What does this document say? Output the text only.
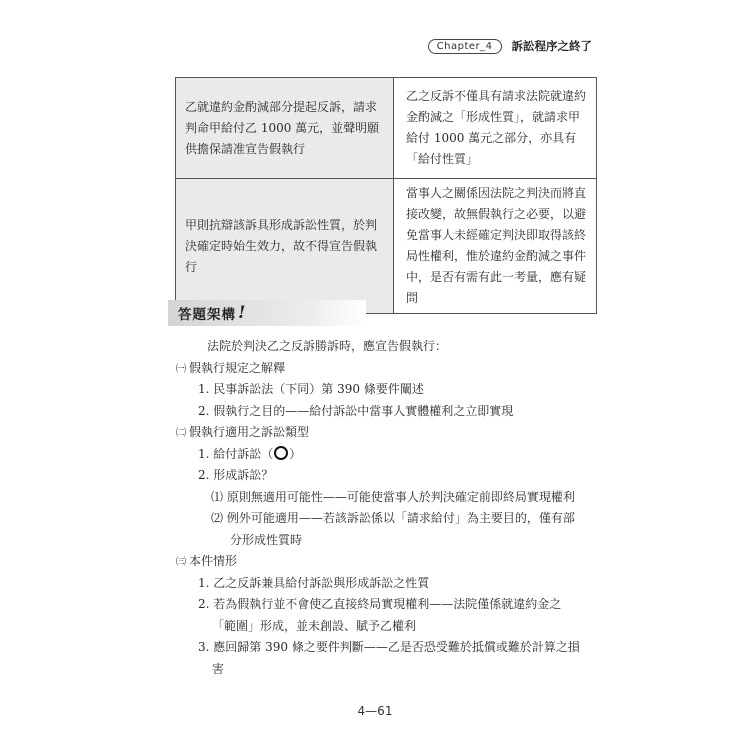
Chapter_4	訴訟程序之終了
乙就違約金酌減部分提起反訴，請求判命甲給付乙 1000 萬元，並聲明願供擔保請准宣告假執行	乙之反訴不僅具有請求法院就違約金酌減之「形成性質」，就請求甲給付 1000 萬元之部分，亦具有「給付性質」
甲則抗辯該訴具形成訴訟性質，於判決確定時始生效力，故不得宣告假執行	當事人之關係因法院之判決而將直接改變，故無假執行之必要，以避免當事人未經確定判決即取得該終局性權利，惟於違約金酌減之事件中，是否有需有此一考量，應有疑問
答題架構 !
法院於判決乙之反訴勝訴時，應宣告假執行：
㈠ 假執行規定之解釋
1. 民事訴訟法（下同）第 390 條要件闡述
2. 假執行之目的——給付訴訟中當事人實體權利之立即實現
㈡ 假執行適用之訴訟類型
1. 給付訴訟（ ）
2. 形成訴訟？
⑴ 原則無適用可能性——可能使當事人於判決確定前即終局實現權利
⑵ 例外可能適用——若該訴訟係以「請求給付」為主要目的，僅有部
分形成性質時
㈢ 本件情形
1. 乙之反訴兼具給付訴訟與形成訴訟之性質
2. 若為假執行並不會使乙直接終局實現權利——法院僅係就違約金之
「範圍」形成，並未創設、賦予乙權利
3. 應回歸第 390 條之要件判斷——乙是否恐受難於抵償或難於計算之損
害
4—61
